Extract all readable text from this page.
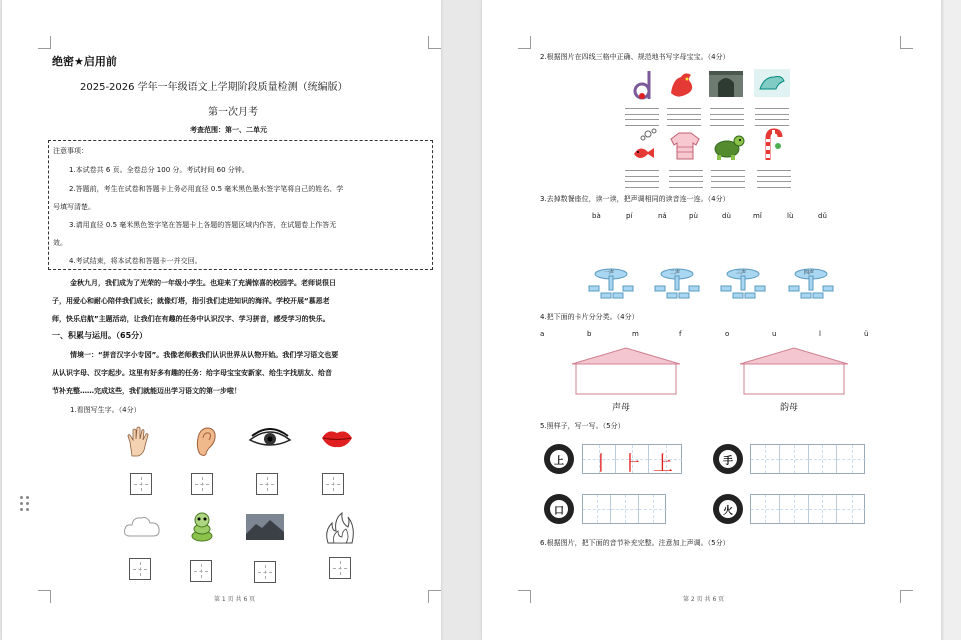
绝密★启用前
2025-2026 学年一年级语文上学期阶段质量检测（统编版）
第一次月考
考查范围：第一、二单元
注意事项：
1.本试卷共 6 页。全卷总分 100 分。考试时间 60 分钟。
2.答题前，考生在试卷和答题卡上务必用直径 0.5 毫米黑色墨水签字笔将自己的姓名、学
号填写清楚。
3.请用直径 0.5 毫米黑色签字笔在答题卡上各题的答题区域内作答，在试题卷上作答无
效。
4.考试结束，将本试卷和答题卡一并交回。
金秋九月，我们成为了光荣的一年级小学生。也迎来了充满惊喜的校园学。老师说很日
子，用爱心和耐心陪伴我们成长；就像灯塔，指引我们走进知识的海洋。学校开展“慕恩老
师，快乐启航”主题活动，让我们在有趣的任务中认识汉字、学习拼音，感受学习的快乐。
一、积累与运用。（65分）
情境一：“拼音汉字小专园”。我像老师教我们认识世界从认物开始。我们学习语文也要
从认识字母、汉字起步。这里有好多有趣的任务：给字母宝宝安新家、给生字找朋友、给音
节补充整……完成这些，我们就能迈出学习语文的第一步啦！
1.看图写生字。（4分）
第 1 页 共 6 页
2.根据图片在四线三格中正确、规范地书写字母宝宝。（4分）
3.去掉数餐座位，读一读，把声调相同的读音连一连。（4分）
bà	pí	ná	pù	dù	mǐ	lù	dǔ
一声	二声	三声	四声
4.把下面的卡片分分类。（4分）
a	b	m	f	o	u	l	ü
声母	韵母
5.照样子，写一写。（5分）
上 丨 ⺊ 上	手
口	火
6.根据图片，把下面的音节补充完整。注意加上声调。（5分）
第 2 页 共 6 页
